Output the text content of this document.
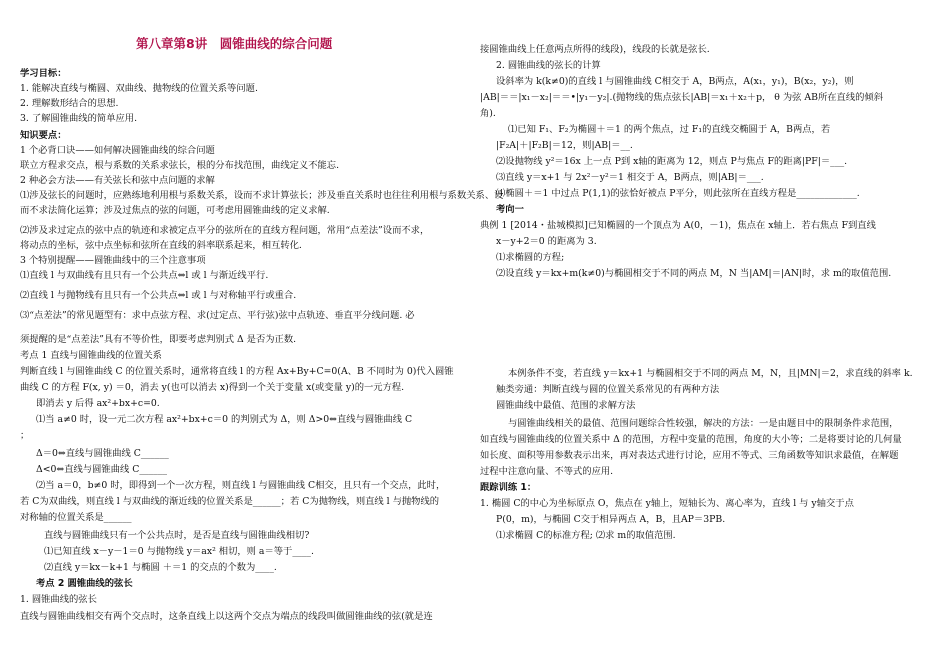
第八章第8讲　圆锥曲线的综合问题
学习目标：
1. 能解决直线与椭圆、双曲线、抛物线的位置关系等问题.
2. 理解数形结合的思想.
3. 了解圆锥曲线的简单应用.
知识要点：
1 个必背口诀——如何解决圆锥曲线的综合问题
联立方程求交点，根与系数的关系求弦长，根的分布找范围，曲线定义不能忘.
2 种必会方法——有关弦长和弦中点问题的求解
⑴涉及弦长的问题时，应熟练地利用根与系数关系，设而不求计算弦长；涉及垂直关系时也往往利用根与系数关系、设
而不求法简化运算；涉及过焦点的弦的问题，可考虑用圆锥曲线的定义求解.
⑵涉及求过定点的弦中点的轨迹和求被定点平分的弦所在的直线方程问题，常用“点差法”设而不求，
将动点的坐标，弦中点坐标和弦所在直线的斜率联系起来，相互转化.
3 个特别提醒——圆锥曲线中的三个注意事项
⑴直线 l 与双曲线有且只有一个公共点⇔l 或 l 与渐近线平行.
⑵直线 l 与抛物线有且只有一个公共点⇔l 或 l 与对称轴平行或重合.
⑶“点差法”的常见题型有：求中点弦方程、求(过定点、平行弦)弦中点轨迹、垂直平分线问题. 必
须提醒的是“点差法”具有不等价性，即要考虑判别式 Δ 是否为正数.
考点 1 直线与圆锥曲线的位置关系
判断直线 l 与圆锥曲线 C 的位置关系时，通常将直线 l 的方程 Ax+By+C=0(A、B 不同时为 0)代入圆锥
曲线 C 的方程 F(x, y) ＝0，消去 y(也可以消去 x)得到一个关于变量 x(或变量 y)的一元方程.
即消去 y 后得 ax²+bx+c=0.
⑴当 a≠0 时，设一元二次方程 ax²+bx+c＝0 的判别式为 Δ，则 Δ>0⇔直线与圆锥曲线 C
；
Δ＝0⇔直线与圆锥曲线 C______
Δ<0⇔直线与圆锥曲线 C______
⑵当 a＝0，b≠0 时，即得到一个一次方程，则直线 l 与圆锥曲线 C相交，且只有一个交点，此时，
若 C为双曲线，则直线 l 与双曲线的渐近线的位置关系是______；若 C为抛物线，则直线 l 与抛物线的
对称轴的位置关系是______
直线与圆锥曲线只有一个公共点时，是否是直线与圆锥曲线相切?
⑴已知直线 x－y－1＝0 与抛物线 y＝ax² 相切，则 a＝等于____.
⑵直线 y＝kx－k+1 与椭圆 ＋＝1 的交点的个数为____.
考点 2 圆锥曲线的弦长
1. 圆锥曲线的弦长
直线与圆锥曲线相交有两个交点时，这条直线上以这两个交点为端点的线段叫做圆锥曲线的弦(就是连
接圆锥曲线上任意两点所得的线段)，线段的长就是弦长.
2. 圆锥曲线的弦长的计算
设斜率为 k(k≠0)的直线 l 与圆锥曲线 C相交于 A，B两点，A(x₁，y₁)，B(x₂，y₂)，则
|AB|＝＝|x₁－x₂|＝＝•|y₁－y₂|.(抛物线的焦点弦长|AB|＝x₁＋x₂＋p， θ 为弦 AB所在直线的倾斜
角).
⑴已知 F₁、F₂为椭圆＋＝1 的两个焦点，过 F₁的直线交椭圆于 A，B两点，若
|F₂A|＋|F₂B|＝12，则|AB|＝__.
⑵设抛物线 y²＝16x 上一点 P到 x轴的距离为 12，则点 P与焦点 F的距离|PF|＝___.
⑶直线 y＝x+1 与 2x²－y²＝1 相交于 A，B两点，则|AB|＝___.
⑷椭圆＋＝1 中过点 P(1,1)的弦恰好被点 P平分，则此弦所在直线方程是_____________.
考向一
典例 1 [2014・盐城模拟]已知椭圆的一个顶点为 A(0，－1)，焦点在 x轴上．若右焦点 F到直线
x－y+2＝0 的距离为 3.
⑴求椭圆的方程;
⑵设直线 y＝kx+m(k≠0)与椭圆相交于不同的两点 M，N 当|AM|＝|AN|时，求 m的取值范围.
本例条件不变，若直线 y＝kx+1 与椭圆相交于不同的两点 M，N，且|MN|＝2，求直线的斜率 k.
触类旁通：判断直线与圆的位置关系常见的有两种方法
圆锥曲线中最值、范围的求解方法
与圆锥曲线相关的最值、范围问题综合性较强，解决的方法：一是由题目中的限制条件求范围，
如直线与圆锥曲线的位置关系中 Δ 的范围，方程中变量的范围，角度的大小等；二是将要讨论的几何量
如长度、面积等用参数表示出来，再对表达式进行讨论，应用不等式、三角函数等知识求最值，在解题
过程中注意向量、不等式的应用.
跟踪训练 1：
1. 椭圆 C的中心为坐标原点 O，焦点在 y轴上，短轴长为、离心率为，直线 l 与 y轴交于点
P(0，m)，与椭圆 C交于相异两点 A，B，且AP＝3PB.
⑴求椭圆 C的标准方程; ⑵求 m的取值范围.
